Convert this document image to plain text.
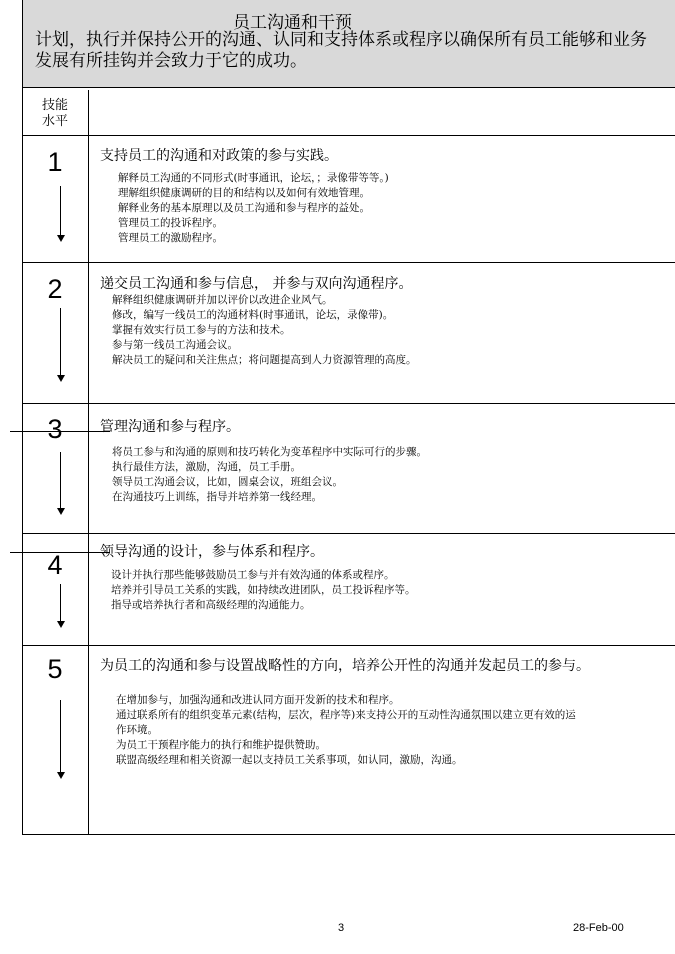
员工沟通和干预
计划，执行并保持公开的沟通、认同和支持体系或程序以确保所有员工能够和业务
发展有所挂钩并会致力于它的成功。
技能
水平
1	支持员工的沟通和对政策的参与实践。
解释员工沟通的不同形式(时事通讯，论坛，；录像带等等。)
理解组织健康调研的目的和结构以及如何有效地管理。
解释业务的基本原理以及员工沟通和参与程序的益处。
管理员工的投诉程序。
管理员工的激励程序。
2	递交员工沟通和参与信息， 并参与双向沟通程序。
解释组织健康调研并加以评价以改进企业风气。
修改，编写一线员工的沟通材料(时事通讯，论坛，录像带)。
掌握有效实行员工参与的方法和技术。
参与第一线员工沟通会议。
解决员工的疑问和关注焦点；将问题提高到人力资源管理的高度。
3	管理沟通和参与程序。
将员工参与和沟通的原则和技巧转化为变革程序中实际可行的步骤。
执行最佳方法，激励，沟通，员工手册。
领导员工沟通会议，比如，圆桌会议，班组会议。
在沟通技巧上训练，指导并培养第一线经理。
4	领导沟通的设计，参与体系和程序。
设计并执行那些能够鼓励员工参与并有效沟通的体系或程序。
培养并引导员工关系的实践，如持续改进团队，员工投诉程序等。
指导或培养执行者和高级经理的沟通能力。
5	为员工的沟通和参与设置战略性的方向，培养公开性的沟通并发起员工的参与。
在增加参与，加强沟通和改进认同方面开发新的技术和程序。
通过联系所有的组织变革元素(结构，层次，程序等)来支持公开的互动性沟通氛围以建立更有效的运
作环境。
为员工干预程序能力的执行和维护提供赞助。
联盟高级经理和相关资源一起以支持员工关系事项，如认同，激励，沟通。
3	28-Feb-00
